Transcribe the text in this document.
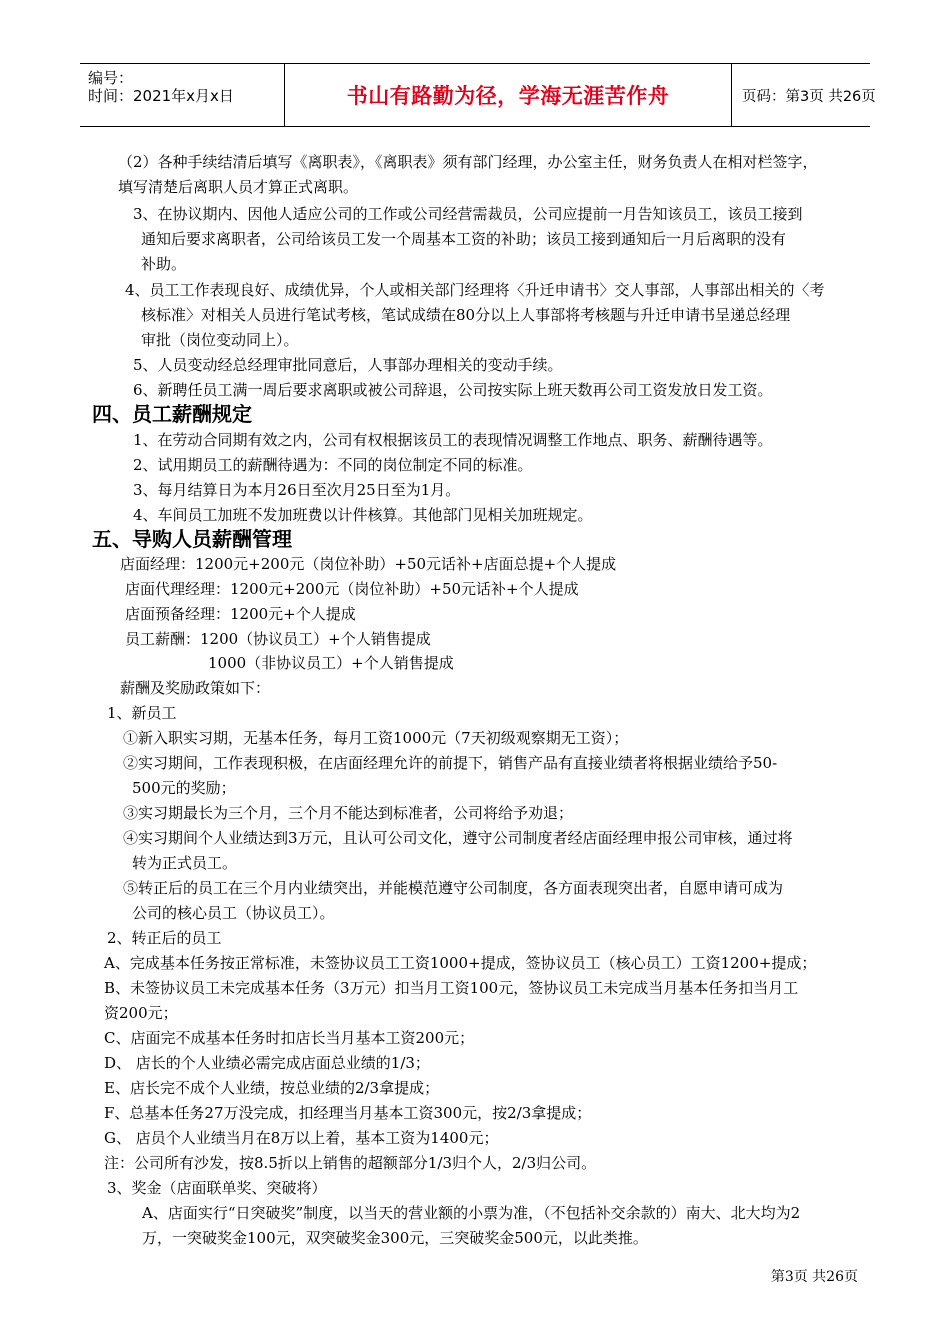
编号：
时间：2021年x月x日	书山有路勤为径，学海无涯苦作舟	页码：第3页 共26页
（2）各种手续结清后填写《离职表》，《离职表》须有部门经理，办公室主任，财务负责人在相对栏签字，
填写清楚后离职人员才算正式离职。
3、在协议期内、因他人适应公司的工作或公司经营需裁员，公司应提前一月告知该员工，该员工接到
通知后要求离职者，公司给该员工发一个周基本工资的补助；该员工接到通知后一月后离职的没有
补助。
4、员工工作表现良好、成绩优异，个人或相关部门经理将〈升迁申请书〉交人事部，人事部出相关的〈考
核标准〉对相关人员进行笔试考核，笔试成绩在80分以上人事部将考核题与升迁申请书呈递总经理
审批（岗位变动同上）。
5、人员变动经总经理审批同意后，人事部办理相关的变动手续。
6、新聘任员工满一周后要求离职或被公司辞退，公司按实际上班天数再公司工资发放日发工资。
四、员工薪酬规定
1、在劳动合同期有效之内，公司有权根据该员工的表现情况调整工作地点、职务、薪酬待遇等。
2、试用期员工的薪酬待遇为：不同的岗位制定不同的标准。
3、每月结算日为本月26日至次月25日至为1月。
4、车间员工加班不发加班费以计件核算。其他部门见相关加班规定。
五、导购人员薪酬管理
店面经理：1200元+200元（岗位补助）+50元话补+店面总提+个人提成
店面代理经理：1200元+200元（岗位补助）+50元话补+个人提成
店面预备经理：1200元+个人提成
员工薪酬：1200（协议员工）+个人销售提成
1000（非协议员工）+个人销售提成
薪酬及奖励政策如下：
1、新员工
①新入职实习期，无基本任务，每月工资1000元（7天初级观察期无工资）；
②实习期间，工作表现积极，在店面经理允许的前提下，销售产品有直接业绩者将根据业绩给予50-
500元的奖励；
③实习期最长为三个月，三个月不能达到标准者，公司将给予劝退；
④实习期间个人业绩达到3万元，且认可公司文化，遵守公司制度者经店面经理申报公司审核，通过将
转为正式员工。
⑤转正后的员工在三个月内业绩突出，并能模范遵守公司制度，各方面表现突出者，自愿申请可成为
公司的核心员工（协议员工）。
2、转正后的员工
A、完成基本任务按正常标准，未签协议员工工资1000+提成，签协议员工（核心员工）工资1200+提成；
B、未签协议员工未完成基本任务（3万元）扣当月工资100元，签协议员工未完成当月基本任务扣当月工
资200元；
C、店面完不成基本任务时扣店长当月基本工资200元；
D、 店长的个人业绩必需完成店面总业绩的1/3；
E、店长完不成个人业绩，按总业绩的2/3拿提成；
F、总基本任务27万没完成，扣经理当月基本工资300元，按2/3拿提成；
G、 店员个人业绩当月在8万以上着，基本工资为1400元；
注：公司所有沙发，按8.5折以上销售的超额部分1/3归个人，2/3归公司。
3、奖金（店面联单奖、突破将）
A、店面实行“日突破奖”制度，以当天的营业额的小票为准，（不包括补交余款的）南大、北大均为2
万，一突破奖金100元，双突破奖金300元，三突破奖金500元，以此类推。
第3页 共26页
